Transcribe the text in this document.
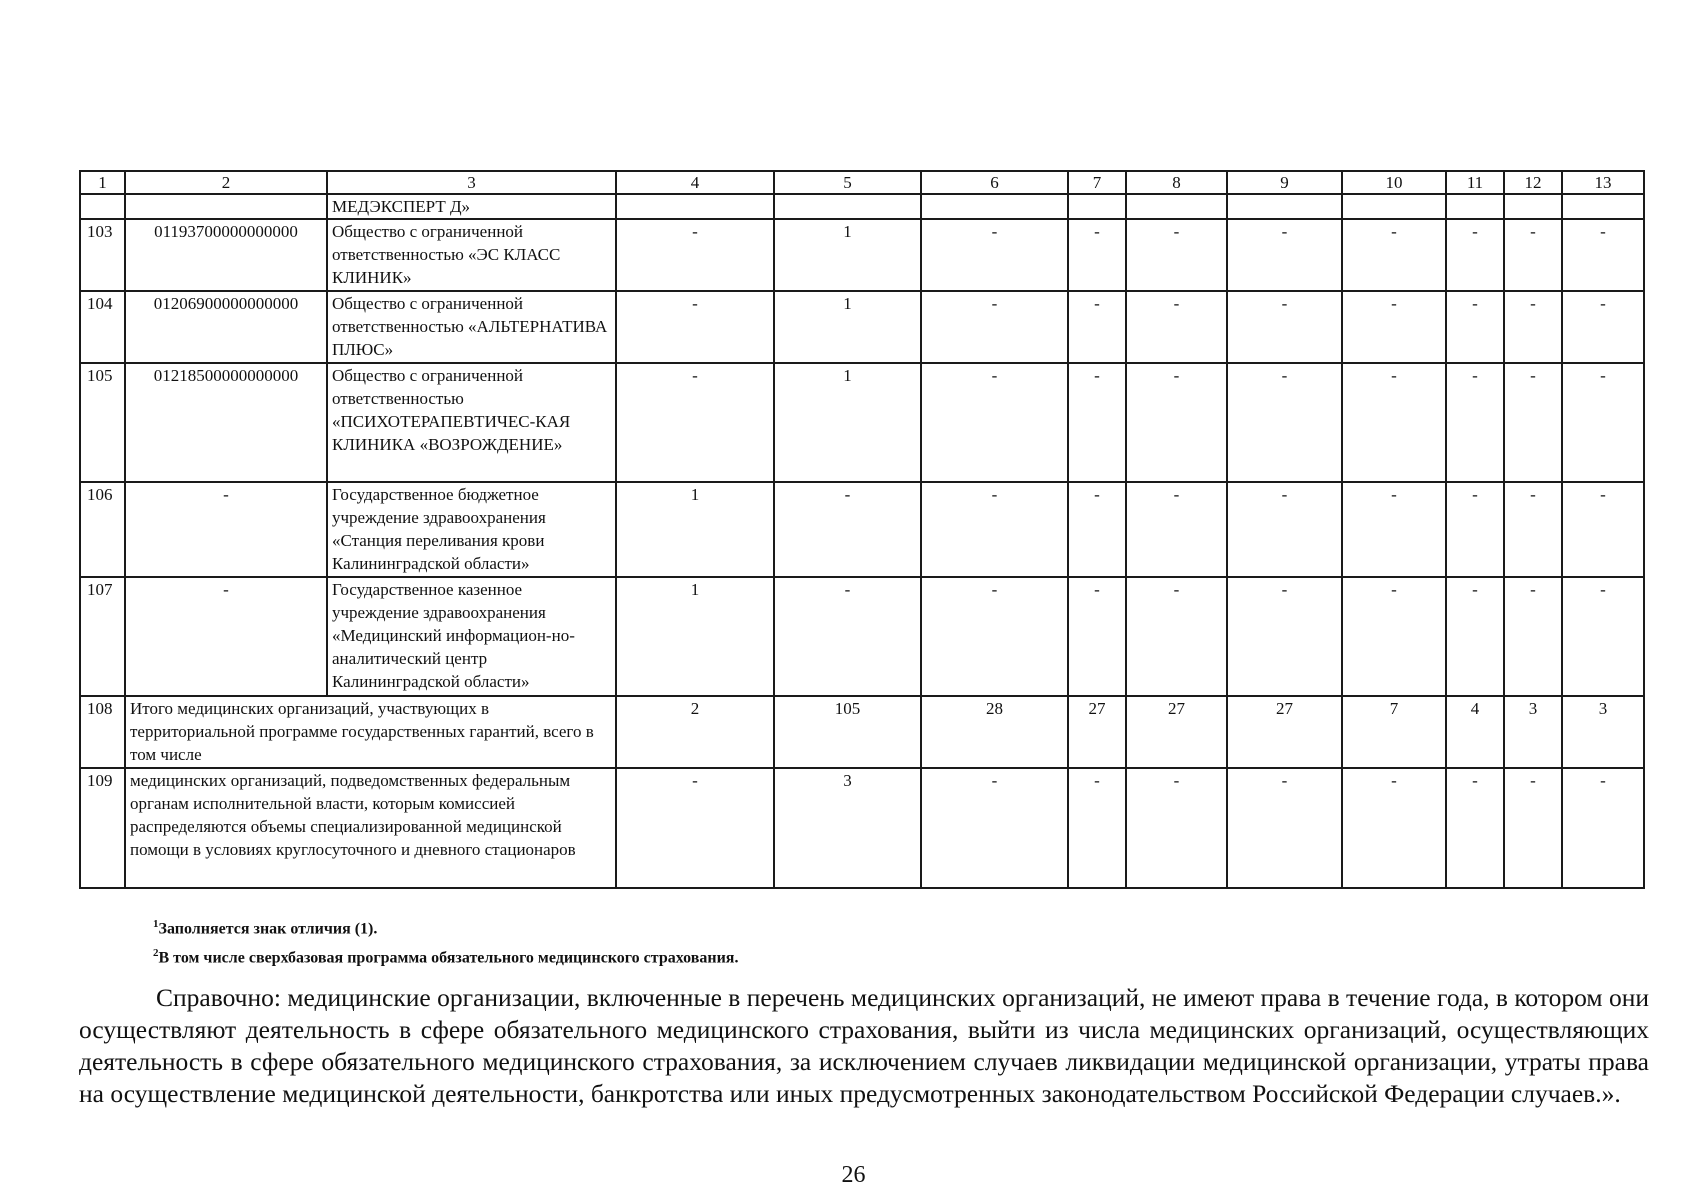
1	2	3	4	5	6	7	8	9	10	11	12	13
		МЕДЭКСПЕРТ Д»										
103	01193700000000000	Общество с ограниченной ответственностью «ЭС КЛАСС КЛИНИК»	-	1	-	-	-	-	-	-	-	-
104	01206900000000000	Общество с ограниченной ответственностью «АЛЬТЕРНАТИВА ПЛЮС»	-	1	-	-	-	-	-	-	-	-
105	01218500000000000	Общество с ограниченной ответственностью «ПСИХОТЕРАПЕВТИЧЕС-КАЯ КЛИНИКА «ВОЗРОЖДЕНИЕ»	-	1	-	-	-	-	-	-	-	-
106	-	Государственное бюджетное учреждение здравоохранения «Станция переливания крови Калининградской области»	1	-	-	-	-	-	-	-	-	-
107	-	Государственное казенное учреждение здравоохранения «Медицинский информацион-но-аналитический центр Калининградской области»	1	-	-	-	-	-	-	-	-	-
108	Итого медицинских организаций, участвующих в территориальной программе государственных гарантий, всего в том числе		2	105	28	27	27	27	7	4	3	3
109	медицинских организаций, подведомственных федеральным органам исполнительной власти, которым комиссией распределяются объемы специализированной медицинской помощи в условиях круглосуточного и дневного стационаров		-	3	-	-	-	-	-	-	-	-
$^1$Заполняется знак отличия (1).
$^2$В том числе сверхбазовая программа обязательного медицинского страхования.
Справочно: медицинские организации, включенные в перечень медицинских организаций, не имеют права в течение года, в котором они осуществляют деятельность в сфере обязательного медицинского страхования, выйти из числа медицинских организаций, осуществляющих деятельность в сфере обязательного медицинского страхования, за исключением случаев ликвидации медицинской организации, утраты права на осуществление медицинской деятельности, банкротства или иных предусмотренных законодательством Российской Федерации случаев.».
26
